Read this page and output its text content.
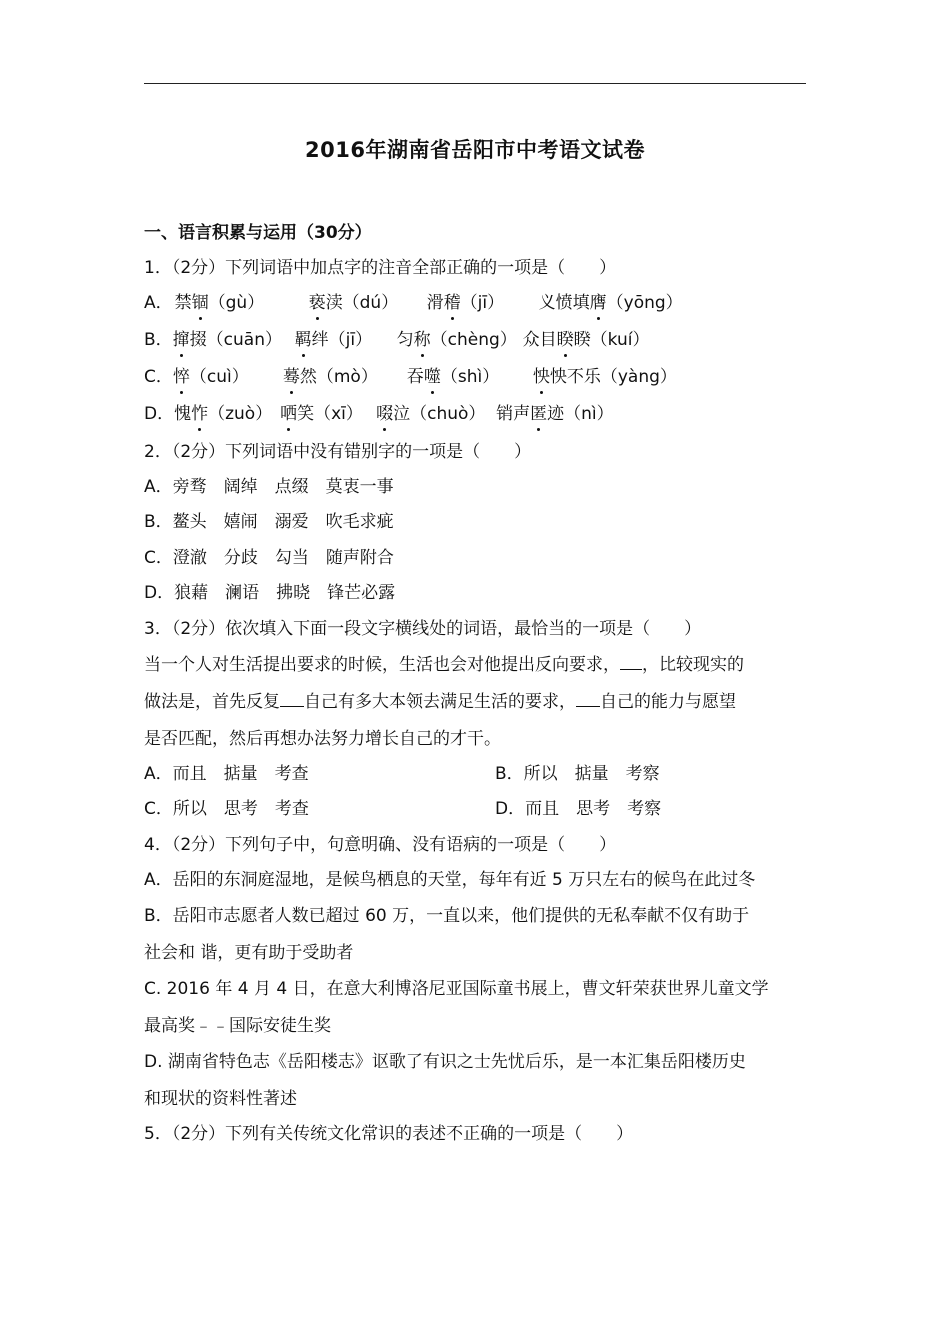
2016年湖南省岳阳市中考语文试卷
一、语言积累与运用（30分）
1．（2分）下列词语中加点字的注音全部正确的一项是（　　）
A． 禁锢（gù）	亵渎（dú） 滑稽（jī） 义愤填膺（yōng）
B．撺掇（cuān） 羁绊（jī） 匀称（chèng） 众目睽睽（kuí）
C．悴（cuì） 蓦然（mò） 吞噬（shì） 怏怏不乐（yàng）
D．愧怍（zuò） 哂笑（xī） 啜泣（chuò） 销声匿迹（nì）
2．（2分）下列词语中没有错别字的一项是（　　）
A．旁骛　阔绰　点缀　莫衷一事
B．鳌头　嬉闹　溺爱　吹毛求疵
C．澄澈　分歧　勾当　随声附合
D．狼藉　澜语　拂晓　锋芒必露
3．（2分）依次填入下面一段文字横线处的词语，最恰当的一项是（　　）
当一个人对生活提出要求的时候，生活也会对他提出反向要求， ，比较现实的
做法是，首先反复 自己有多大本领去满足生活的要求， 自己的能力与愿望
是否匹配，然后再想办法努力增长自己的才干。
A．而且　掂量　考查	B．所以　掂量　考察
C．所以　思考　考查	D．而且　思考　考察
4．（2分）下列句子中，句意明确、没有语病的一项是（　　）
A．岳阳的东洞庭湿地，是候鸟栖息的天堂，每年有近 5 万只左右的候鸟在此过冬
B．岳阳市志愿者人数已超过 60 万，一直以来，他们提供的无私奉献不仅有助于
社会和 谐，更有助于受助者
C. 2016 年 4 月 4 日，在意大利博洛尼亚国际童书展上，曹文轩荣获世界儿童文学
最高奖﹣﹣国际安徒生奖
D. 湖南省特色志《岳阳楼志》讴歌了有识之士先忧后乐，是一本汇集岳阳楼历史
和现状的资料性著述
5．（2分）下列有关传统文化常识的表述不正确的一项是（　　）
